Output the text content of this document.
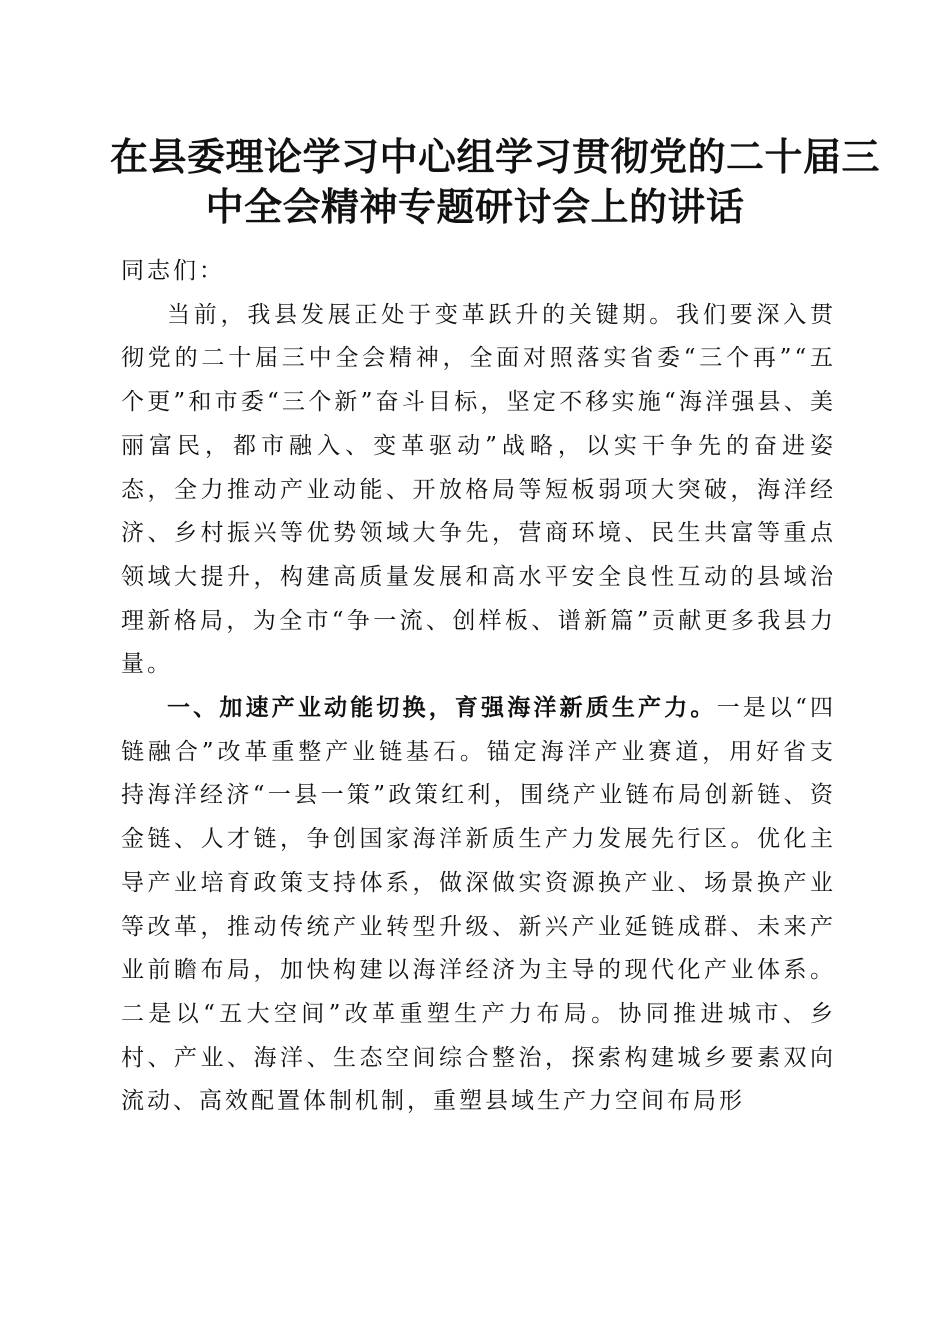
在县委理论学习中心组学习贯彻党的二十届三
中全会精神专题研讨会上的讲话

同志们：

当前，我县发展正处于变革跃升的关键期。我们要深入贯彻党的二十届三中全会精神，全面对照落实省委“三个再”“五个更”和市委“三个新”奋斗目标，坚定不移实施“海洋强县、美丽富民，都市融入、变革驱动”战略，以实干争先的奋进姿态，全力推动产业动能、开放格局等短板弱项大突破，海洋经济、乡村振兴等优势领域大争先，营商环境、民生共富等重点领域大提升，构建高质量发展和高水平安全良性互动的县域治理新格局，为全市“争一流、创样板、谱新篇”贡献更多我县力量。

一、加速产业动能切换，育强海洋新质生产力。一是以“四链融合”改革重整产业链基石。锚定海洋产业赛道，用好省支持海洋经济“一县一策”政策红利，围绕产业链布局创新链、资金链、人才链，争创国家海洋新质生产力发展先行区。优化主导产业培育政策支持体系，做深做实资源换产业、场景换产业等改革，推动传统产业转型升级、新兴产业延链成群、未来产业前瞻布局，加快构建以海洋经济为主导的现代化产业体系。二是以“五大空间”改革重塑生产力布局。协同推进城市、乡村、产业、海洋、生态空间综合整治，探索构建城乡要素双向流动、高效配置体制机制，重塑县域生产力空间布局形
